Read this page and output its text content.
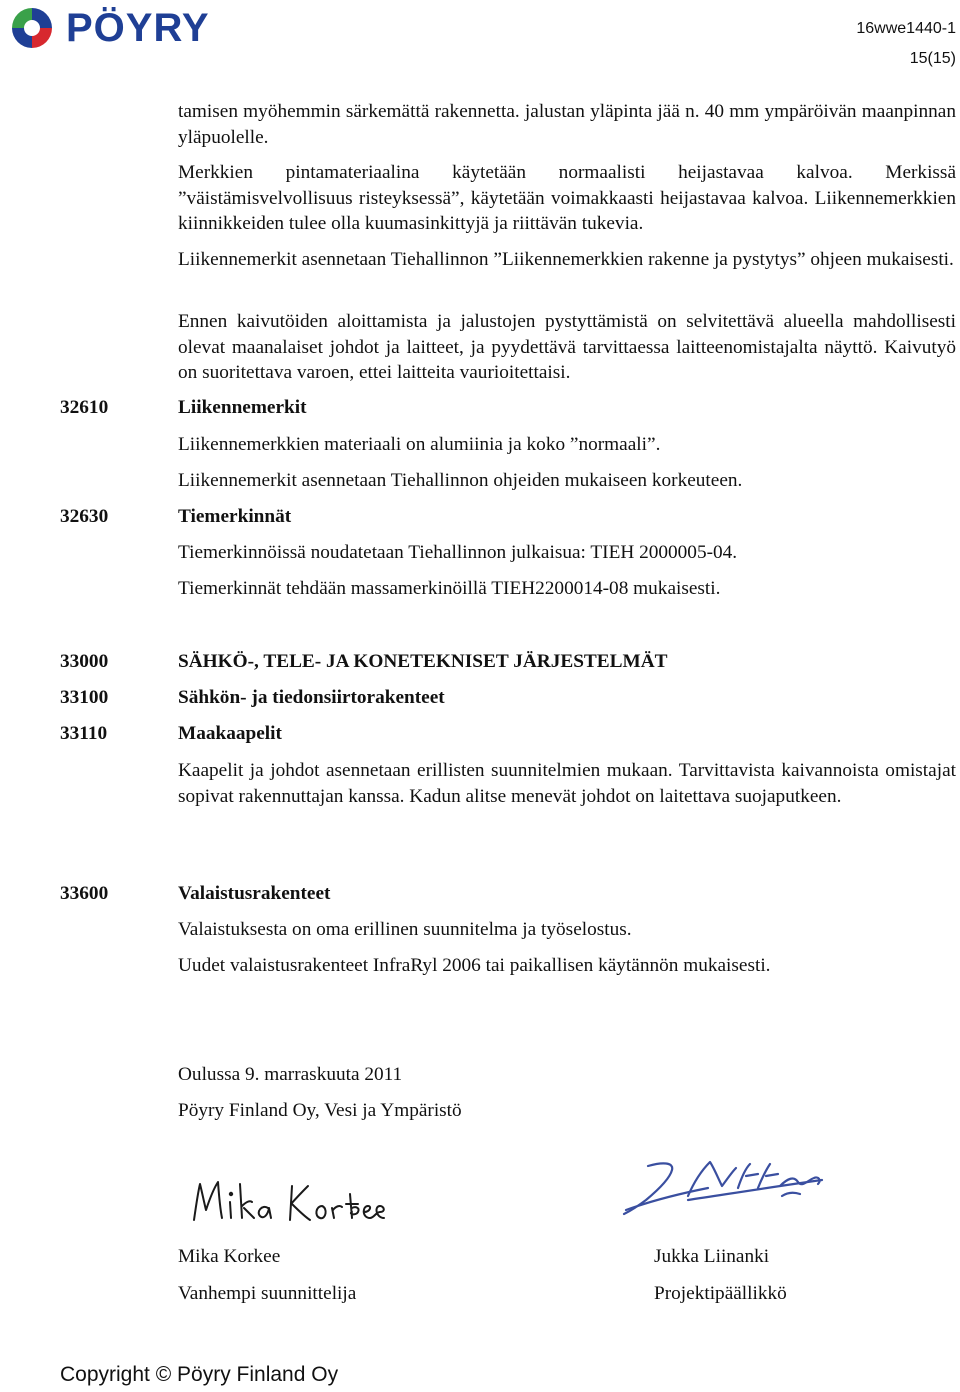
PÖYRY	16wwe1440-1
15(15)

tamisen myöhemmin särkemättä rakennetta. jalustan yläpinta jää n. 40 mm ympäröivän maanpinnan yläpuolelle.

Merkkien pintamateriaalina käytetään normaalisti heijastavaa kalvoa. Merkissä ”väistämisvelvollisuus risteyksessä”, käytetään voimakkaasti heijastavaa kalvoa. Liikennemerkkien kiinnikkeiden tulee olla kuumasinkittyjä ja riittävän tukevia.

Liikennemerkit asennetaan Tiehallinnon ”Liikennemerkkien rakenne ja pystytys” ohjeen mukaisesti.

Ennen kaivutöiden aloittamista ja jalustojen pystyttämistä on selvitettävä alueella mahdollisesti olevat maanalaiset johdot ja laitteet, ja pyydettävä tarvittaessa laitteenomistajalta näyttö. Kaivutyö on suoritettava varoen, ettei laitteita vaurioitettaisi.

32610	Liikennemerkit

Liikennemerkkien materiaali on alumiinia ja koko ”normaali”.

Liikennemerkit asennetaan Tiehallinnon ohjeiden mukaiseen korkeuteen.

32630	Tiemerkinnät

Tiemerkinnöissä noudatetaan Tiehallinnon julkaisua: TIEH 2000005-04.

Tiemerkinnät tehdään massamerkinöillä TIEH2200014-08 mukaisesti.

33000	SÄHKÖ-, TELE- JA KONETEKNISET JÄRJESTELMÄT
33100	Sähkön- ja tiedonsiirtorakenteet
33110	Maakaapelit

Kaapelit ja johdot asennetaan erillisten suunnitelmien mukaan. Tarvittavista kaivannoista omistajat sopivat rakennuttajan kanssa. Kadun alitse menevät johdot on laitettava suojaputkeen.

33600	Valaistusrakenteet

Valaistuksesta on oma erillinen suunnitelma ja työselostus.

Uudet valaistusrakenteet InfraRyl 2006 tai paikallisen käytännön mukaisesti.

Oulussa 9. marraskuuta 2011

Pöyry Finland Oy, Vesi ja Ympäristö

Mika Korkee

Vanhempi suunnittelija

Jukka Liinanki

Projektipäällikkö

Copyright © Pöyry Finland Oy
